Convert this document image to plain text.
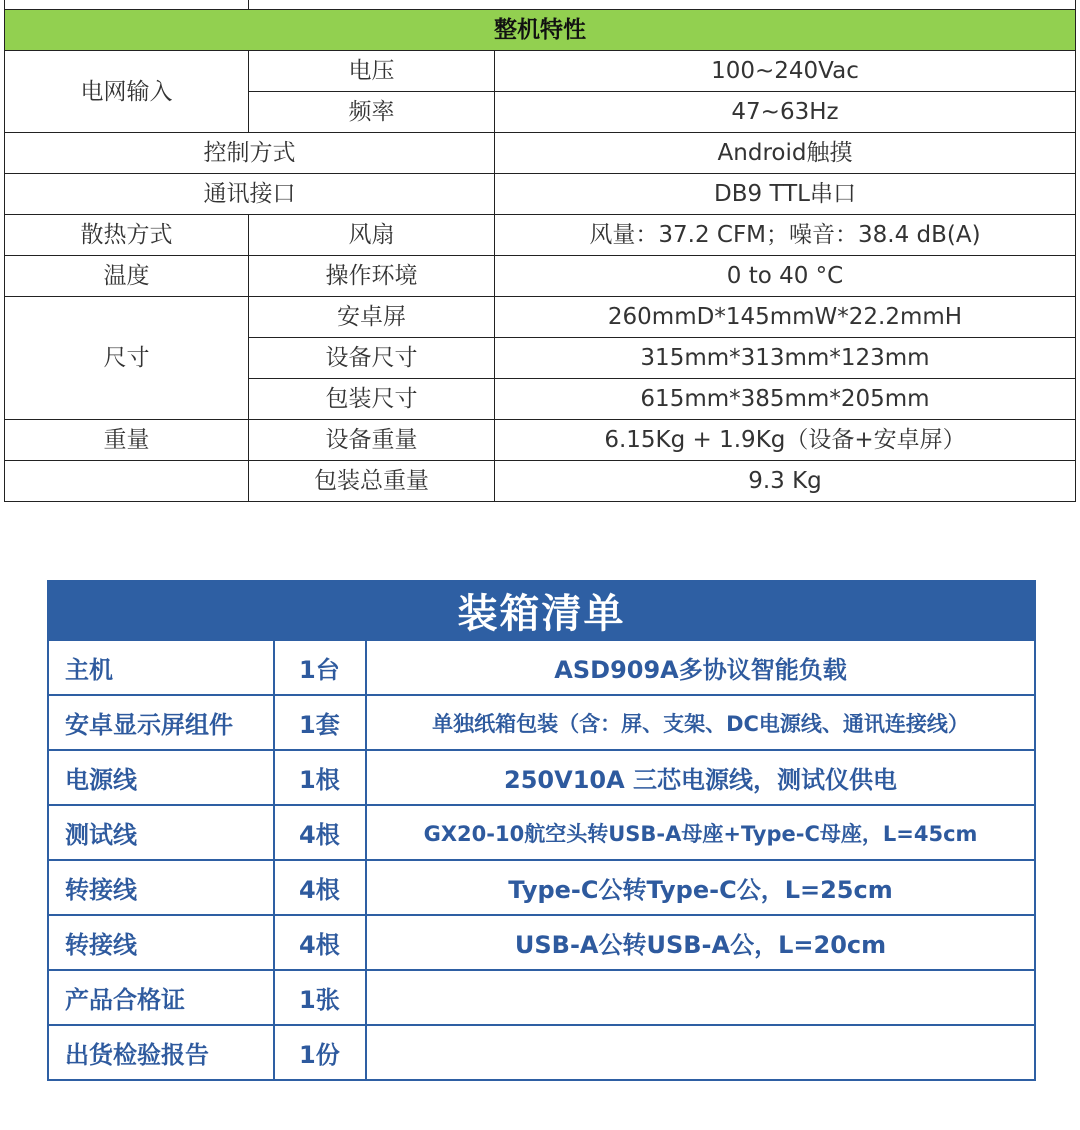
整机特性		
电网输入	电压	100~240Vac
	频率	47~63Hz
控制方式		Android触摸
通讯接口		DB9 TTL串口
散热方式	风扇	风量：37.2 CFM；噪音：38.4 dB(A)
温度	操作环境	0 to 40 °C
尺寸	安卓屏	260mmD*145mmW*22.2mmH
	设备尺寸	315mm*313mm*123mm
	包装尺寸	615mm*385mm*205mm
重量	设备重量	6.15Kg + 1.9Kg（设备+安卓屏）
	包装总重量	9.3 Kg
装箱清单		
主机	1台	ASD909A多协议智能负载
安卓显示屏组件	1套	单独纸箱包装（含：屏、支架、DC电源线、通讯连接线）
电源线	1根	250V10A 三芯电源线，测试仪供电
测试线	4根	GX20-10航空头转USB-A母座+Type-C母座，L=45cm
转接线	4根	Type-C公转Type-C公，L=25cm
转接线	4根	USB-A公转USB-A公，L=20cm
产品合格证	1张	
出货检验报告	1份	
